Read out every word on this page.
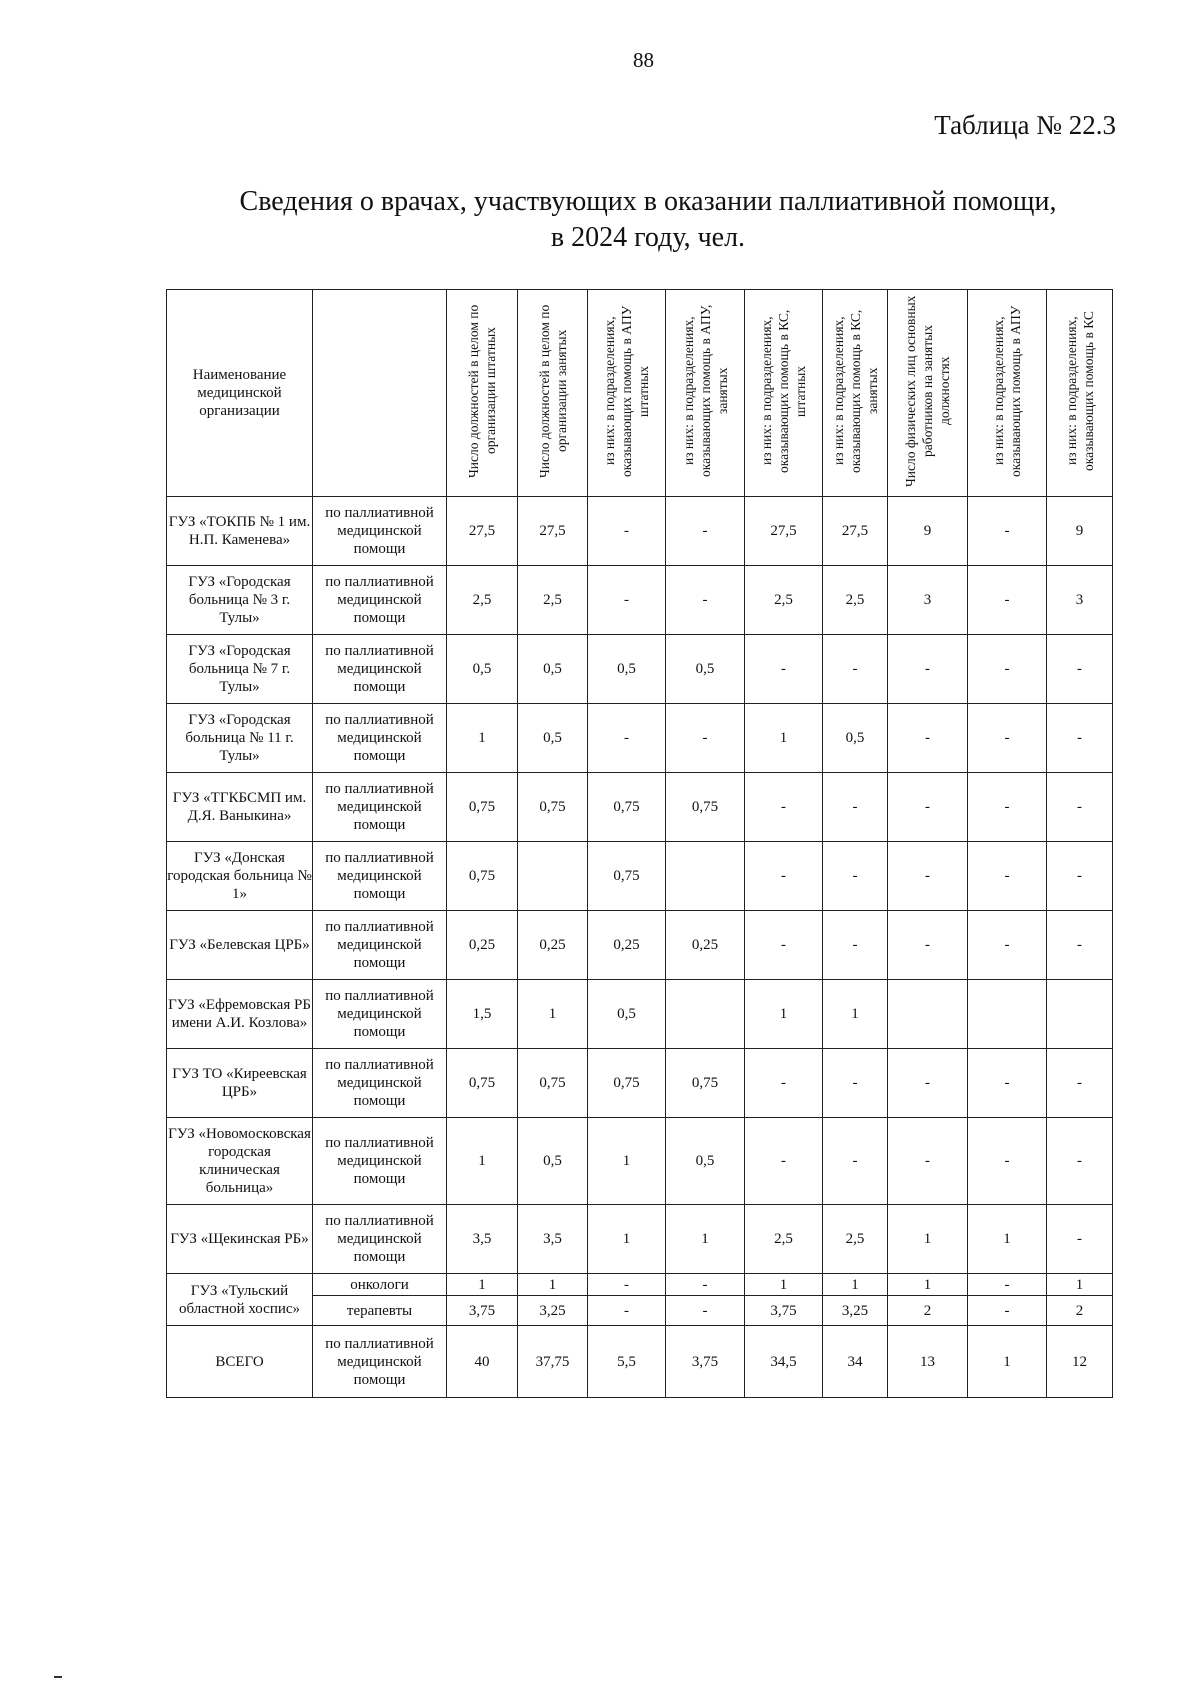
88
Таблица № 22.3
Сведения о врачах, участвующих в оказании паллиативной помощи,
в 2024 году, чел.
Наименование медицинской организации		Число должностей в целом по организации штатных	Число должностей в целом по организации занятых	из них: в подразделениях, оказывающих помощь в АПУ штатных	из них: в подразделениях, оказывающих помощь в АПУ, занятых	из них: в подразделениях, оказывающих помощь в КС, штатных	из них: в подразделениях, оказывающих помощь в КС, занятых	Число физических лиц основных работников на занятых должностях	из них: в подразделениях, оказывающих помощь в АПУ	из них: в подразделениях, оказывающих помощь в КС
ГУЗ «ТОКПБ № 1 им. Н.П. Каменева»	по паллиативной медицинской помощи	27,5	27,5	-	-	27,5	27,5	9	-	9
ГУЗ «Городская больница № 3 г. Тулы»	по паллиативной медицинской помощи	2,5	2,5	-	-	2,5	2,5	3	-	3
ГУЗ «Городская больница № 7 г. Тулы»	по паллиативной медицинской помощи	0,5	0,5	0,5	0,5	-	-	-	-	-
ГУЗ «Городская больница № 11 г. Тулы»	по паллиативной медицинской помощи	1	0,5	-	-	1	0,5	-	-	-
ГУЗ «ТГКБСМП им. Д.Я. Ваныкина»	по паллиативной медицинской помощи	0,75	0,75	0,75	0,75	-	-	-	-	-
ГУЗ «Донская городская больница № 1»	по паллиативной медицинской помощи	0,75		0,75		-	-	-	-	-
ГУЗ «Белевская ЦРБ»	по паллиативной медицинской помощи	0,25	0,25	0,25	0,25	-	-	-	-	-
ГУЗ «Ефремовская РБ имени А.И. Козлова»	по паллиативной медицинской помощи	1,5	1	0,5		1	1			
ГУЗ ТО «Киреевская ЦРБ»	по паллиативной медицинской помощи	0,75	0,75	0,75	0,75	-	-	-	-	-
ГУЗ «Новомосковская городская клиническая больница»	по паллиативной медицинской помощи	1	0,5	1	0,5	-	-	-	-	-
ГУЗ «Щекинская РБ»	по паллиативной медицинской помощи	3,5	3,5	1	1	2,5	2,5	1	1	-
ГУЗ «Тульский областной хоспис»	онкологи	1	1	-	-	1	1	1	-	1
	терапевты	3,75	3,25	-	-	3,75	3,25	2	-	2
ВСЕГО	по паллиативной медицинской помощи	40	37,75	5,5	3,75	34,5	34	13	1	12
